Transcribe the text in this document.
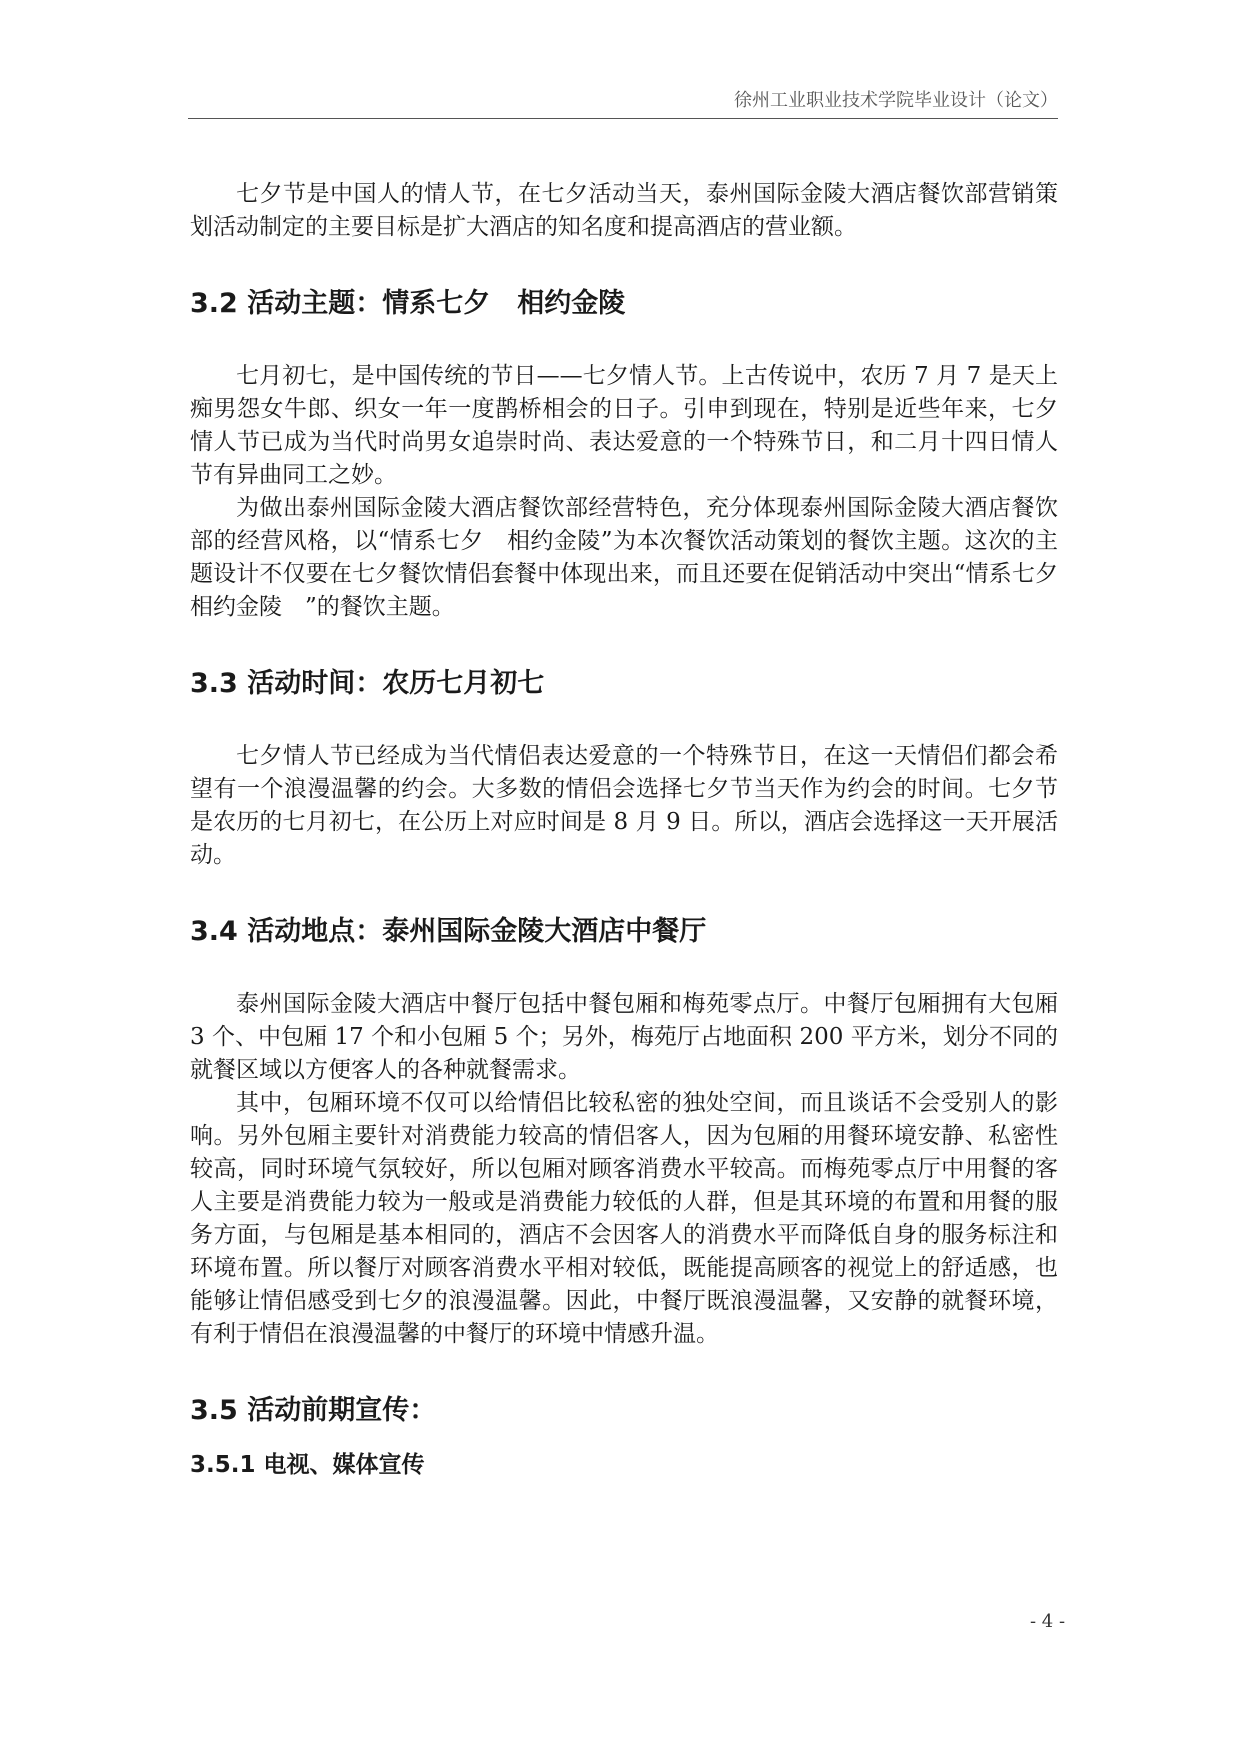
徐州工业职业技术学院毕业设计（论文）

七夕节是中国人的情人节，在七夕活动当天，泰州国际金陵大酒店餐饮部营销策划活动制定的主要目标是扩大酒店的知名度和提高酒店的营业额。

3.2 活动主题：情系七夕　相约金陵

七月初七，是中国传统的节日——七夕情人节。上古传说中，农历 7 月 7 是天上痴男怨女牛郎、织女一年一度鹊桥相会的日子。引申到现在，特别是近些年来，七夕情人节已成为当代时尚男女追崇时尚、表达爱意的一个特殊节日，和二月十四日情人节有异曲同工之妙。

为做出泰州国际金陵大酒店餐饮部经营特色，充分体现泰州国际金陵大酒店餐饮部的经营风格，以“情系七夕　相约金陵”为本次餐饮活动策划的餐饮主题。这次的主题设计不仅要在七夕餐饮情侣套餐中体现出来，而且还要在促销活动中突出“情系七夕　相约金陵　”的餐饮主题。

3.3 活动时间：农历七月初七

七夕情人节已经成为当代情侣表达爱意的一个特殊节日，在这一天情侣们都会希望有一个浪漫温馨的约会。大多数的情侣会选择七夕节当天作为约会的时间。七夕节是农历的七月初七，在公历上对应时间是 8 月 9 日。所以，酒店会选择这一天开展活动。

3.4 活动地点：泰州国际金陵大酒店中餐厅

泰州国际金陵大酒店中餐厅包括中餐包厢和梅苑零点厅。中餐厅包厢拥有大包厢 3 个、中包厢 17 个和小包厢 5 个；另外，梅苑厅占地面积 200 平方米，划分不同的就餐区域以方便客人的各种就餐需求。

其中，包厢环境不仅可以给情侣比较私密的独处空间，而且谈话不会受别人的影响。另外包厢主要针对消费能力较高的情侣客人，因为包厢的用餐环境安静、私密性较高，同时环境气氛较好，所以包厢对顾客消费水平较高。而梅苑零点厅中用餐的客人主要是消费能力较为一般或是消费能力较低的人群，但是其环境的布置和用餐的服务方面，与包厢是基本相同的，酒店不会因客人的消费水平而降低自身的服务标注和环境布置。所以餐厅对顾客消费水平相对较低，既能提高顾客的视觉上的舒适感，也能够让情侣感受到七夕的浪漫温馨。因此，中餐厅既浪漫温馨，又安静的就餐环境，有利于情侣在浪漫温馨的中餐厅的环境中情感升温。

3.5 活动前期宣传：
3.5.1 电视、媒体宣传
- 4 -
